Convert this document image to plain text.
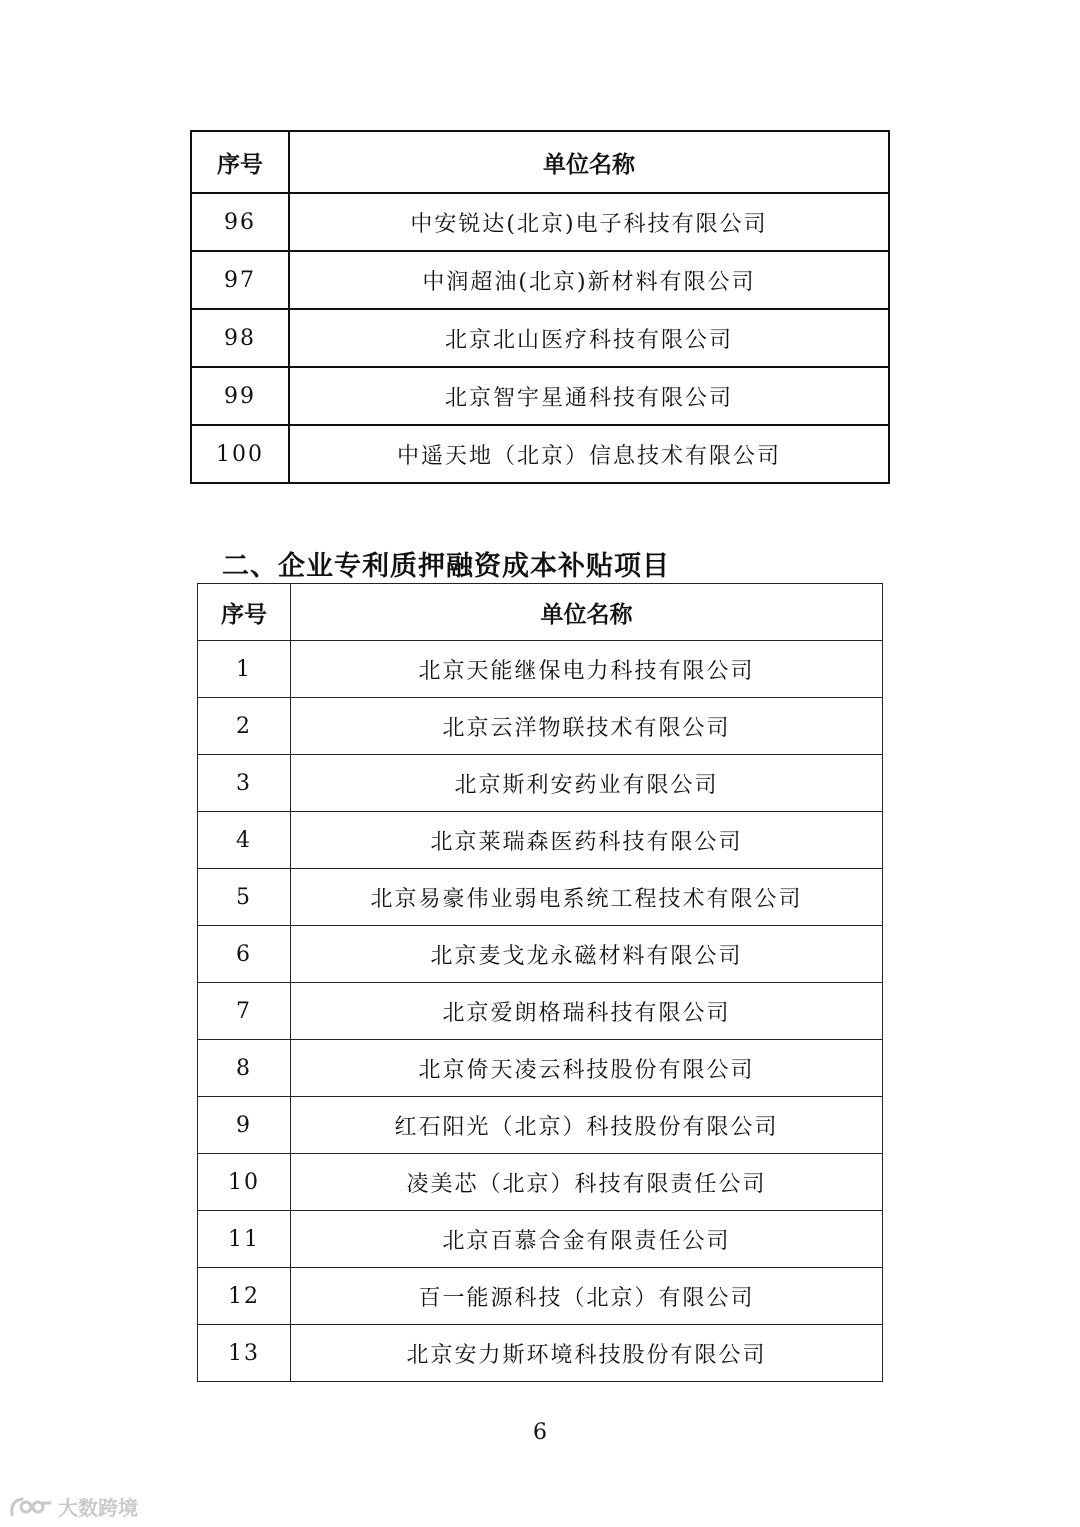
序号	单位名称
96	中安锐达(北京)电子科技有限公司
97	中润超油(北京)新材料有限公司
98	北京北山医疗科技有限公司
99	北京智宇星通科技有限公司
100	中遥天地（北京）信息技术有限公司
二、企业专利质押融资成本补贴项目
序号	单位名称
1	北京天能继保电力科技有限公司
2	北京云洋物联技术有限公司
3	北京斯利安药业有限公司
4	北京莱瑞森医药科技有限公司
5	北京易豪伟业弱电系统工程技术有限公司
6	北京麦戈龙永磁材料有限公司
7	北京爱朗格瑞科技有限公司
8	北京倚天凌云科技股份有限公司
9	红石阳光（北京）科技股份有限公司
10	凌美芯（北京）科技有限责任公司
11	北京百慕合金有限责任公司
12	百一能源科技（北京）有限公司
13	北京安力斯环境科技股份有限公司
6
大数跨境
